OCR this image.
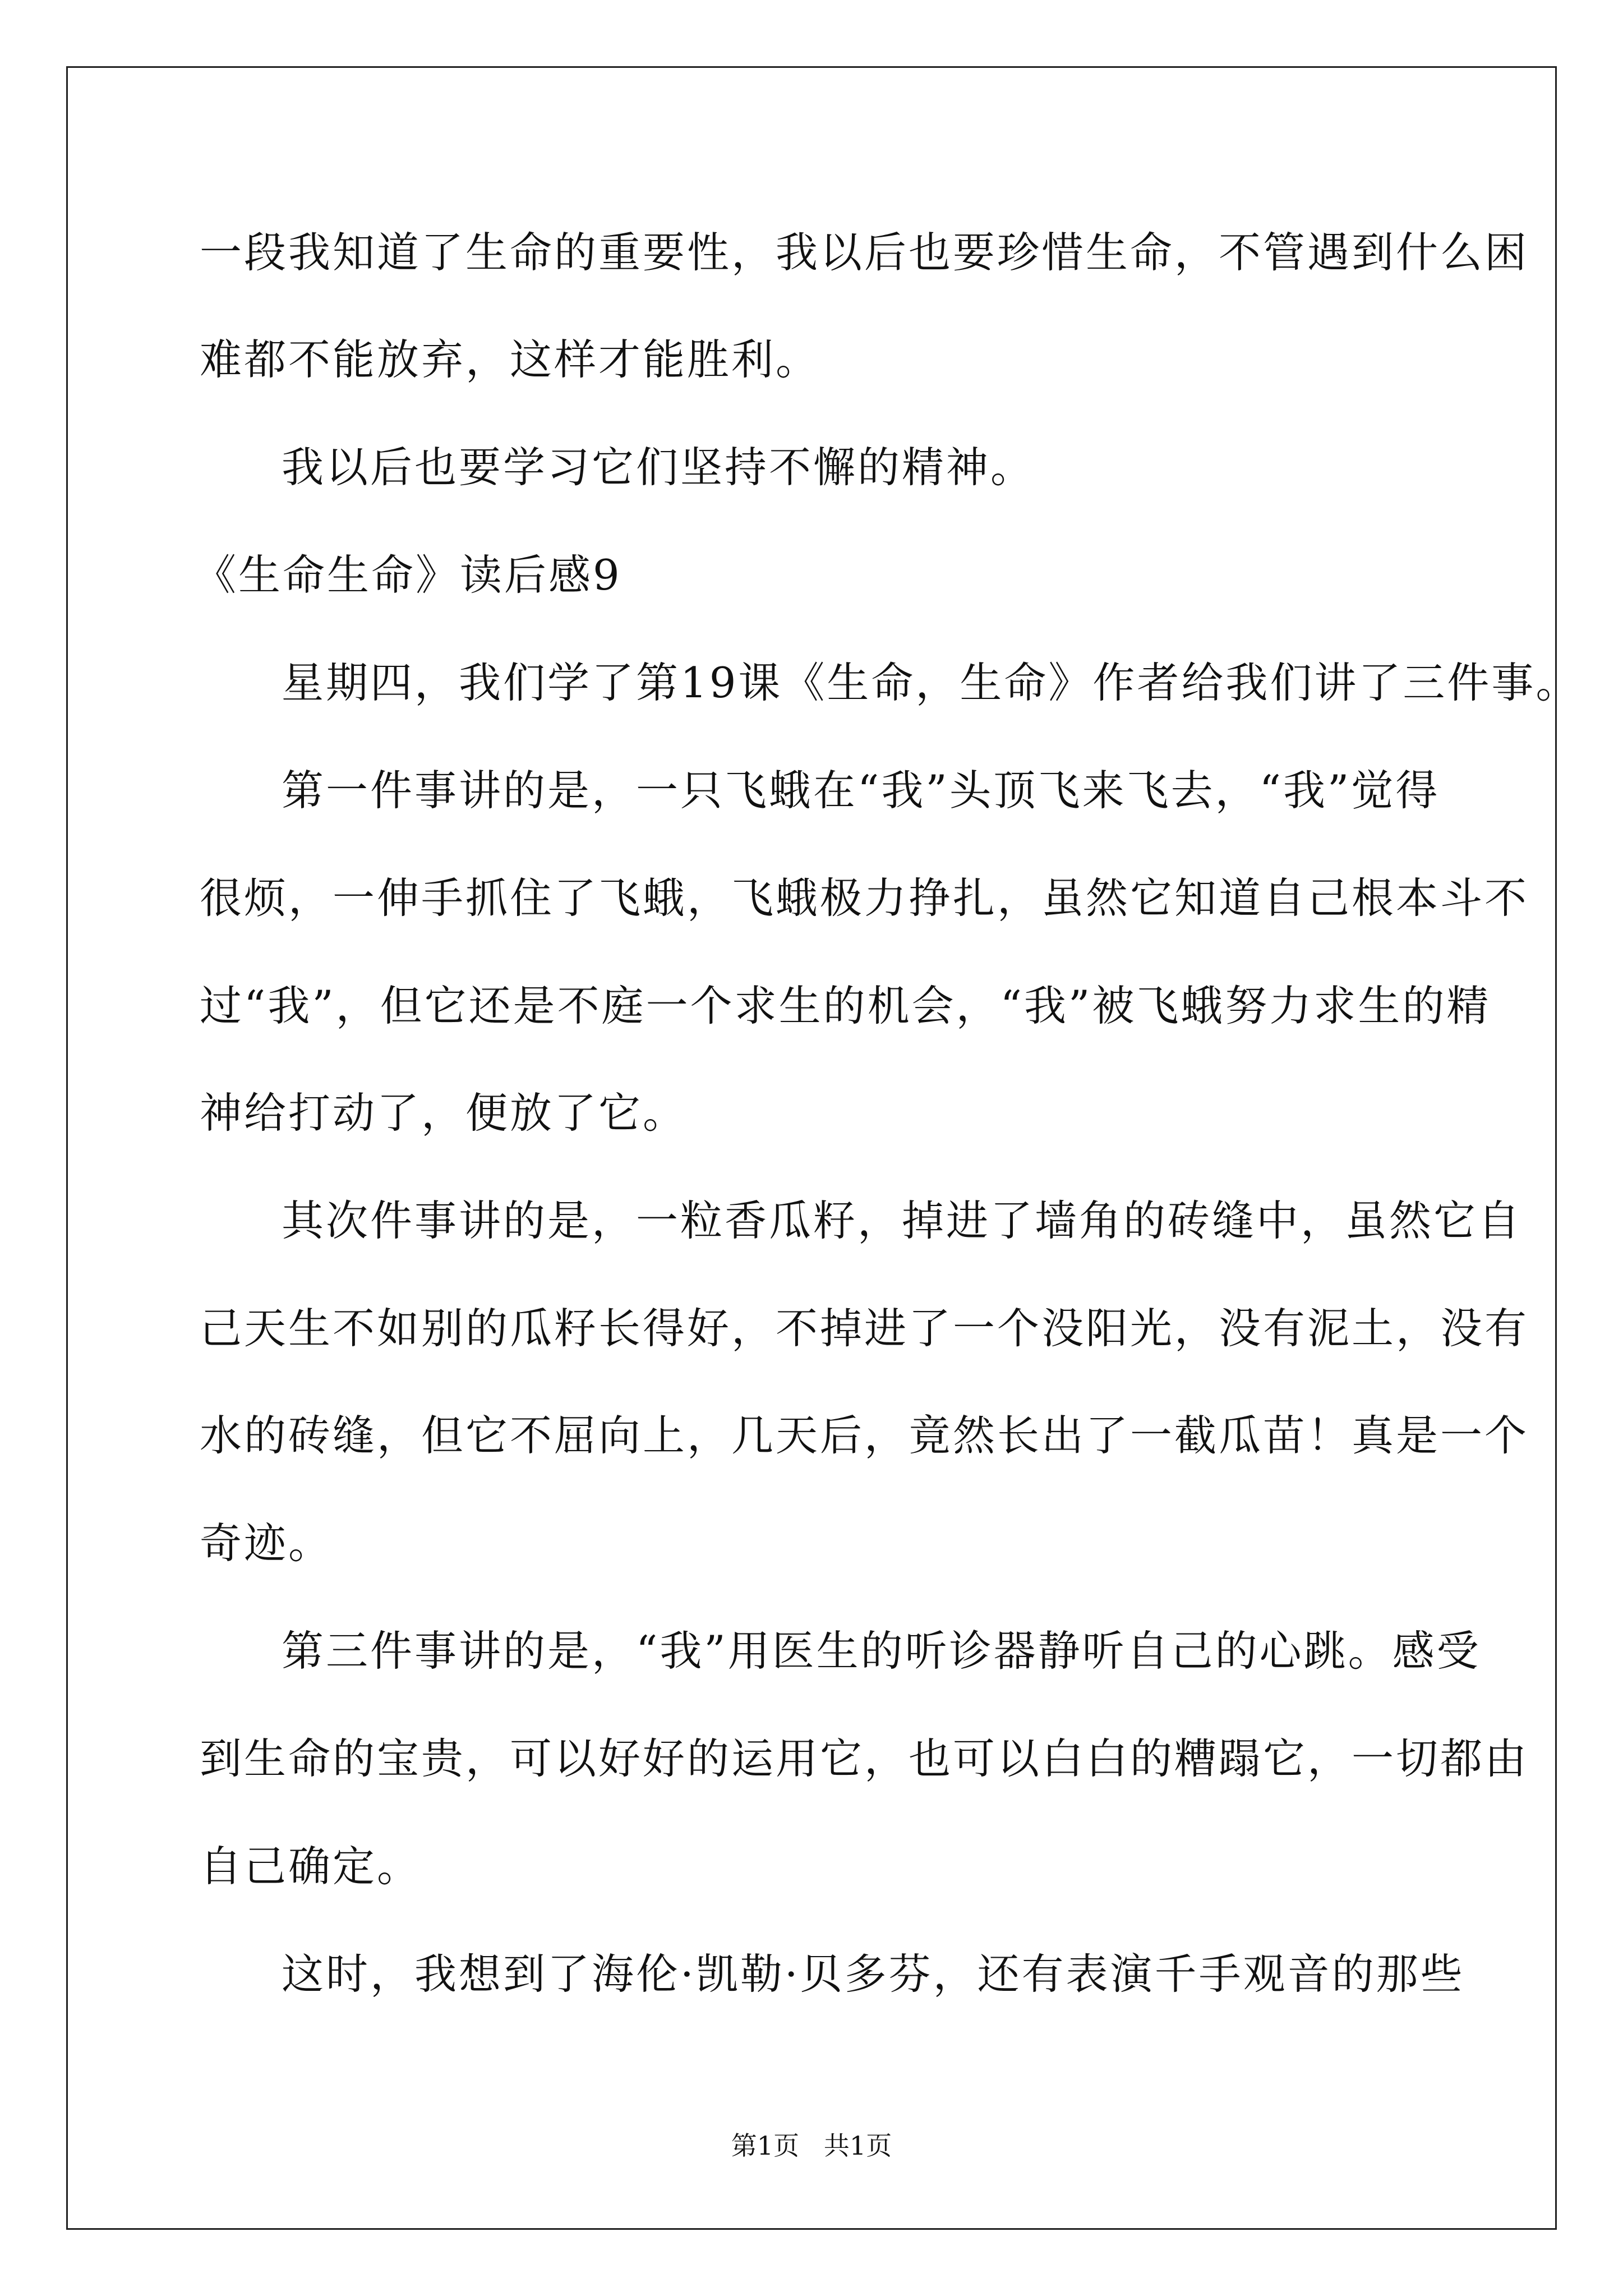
一段我知道了生命的重要性，我以后也要珍惜生命，不管遇到什么困
难都不能放弃，这样才能胜利。
我以后也要学习它们坚持不懈的精神。
《生命生命》读后感9
星期四，我们学了第19课《生命，生命》作者给我们讲了三件事。
第一件事讲的是，一只飞蛾在“我”头顶飞来飞去，“我”觉得
很烦，一伸手抓住了飞蛾，飞蛾极力挣扎，虽然它知道自己根本斗不
过“我”，但它还是不庭一个求生的机会，“我”被飞蛾努力求生的精
神给打动了，便放了它。
其次件事讲的是，一粒香瓜籽，掉进了墙角的砖缝中，虽然它自
己天生不如别的瓜籽长得好，不掉进了一个没阳光，没有泥土，没有
水的砖缝，但它不屈向上，几天后，竟然长出了一截瓜苗！真是一个
奇迹。
第三件事讲的是，“我”用医生的听诊器静听自己的心跳。感受
到生命的宝贵，可以好好的运用它，也可以白白的糟蹋它，一切都由
自己确定。
这时，我想到了海伦·凯勒·贝多芬，还有表演千手观音的那些
第1页   共1页
